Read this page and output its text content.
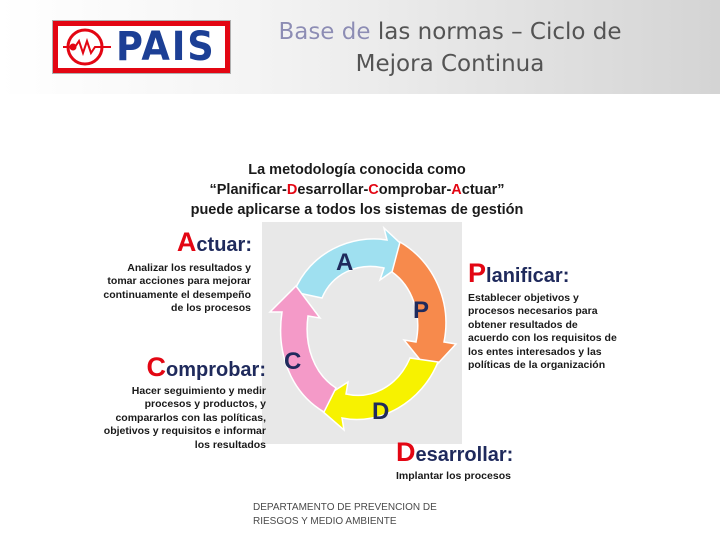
PAIS	Base de las normas – Ciclo de
Mejora Continua
La metodología conocida como
“Planificar-Desarrollar-Comprobar-Actuar”
puede aplicarse a todos los sistemas de gestión
A
P
D
C
Actuar:
Analizar los resultados y
tomar acciones para mejorar
continuamente el desempeño
de los procesos
Planificar:
Establecer objetivos y
procesos necesarios para
obtener resultados de
acuerdo con los requisitos de
los entes interesados y las
políticas de la organización
Comprobar:
Hacer seguimiento y medir
procesos y productos, y
compararlos con las políticas,
objetivos y requisitos e informar
los resultados	Desarrollar:
Implantar los procesos
DEPARTAMENTO DE PREVENCION DE
RIESGOS Y MEDIO AMBIENTE
